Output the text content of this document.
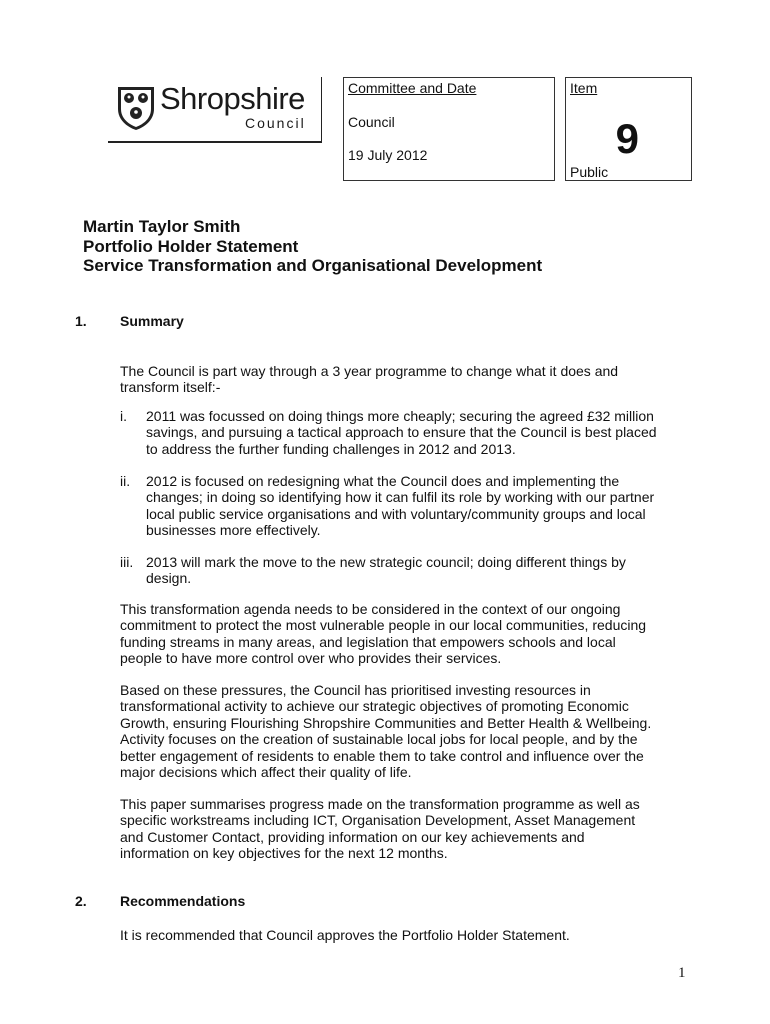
Shropshire
Council
Committee and Date
Council
19 July 2012
Item
9
Public
Martin Taylor Smith
Portfolio Holder Statement
Service Transformation and Organisational Development
1. Summary
The Council is part way through a 3 year programme to change what it does and
transform itself:-
i. 2011 was focussed on doing things more cheaply; securing the agreed £32 million
savings, and pursuing a tactical approach to ensure that the Council is best placed
to address the further funding challenges in 2012 and 2013.
ii. 2012 is focused on redesigning what the Council does and implementing the
changes; in doing so identifying how it can fulfil its role by working with our partner
local public service organisations and with voluntary/community groups and local
businesses more effectively.
iii. 2013 will mark the move to the new strategic council; doing different things by
design.
This transformation agenda needs to be considered in the context of our ongoing
commitment to protect the most vulnerable people in our local communities, reducing
funding streams in many areas, and legislation that empowers schools and local
people to have more control over who provides their services.
Based on these pressures, the Council has prioritised investing resources in
transformational activity to achieve our strategic objectives of promoting Economic
Growth, ensuring Flourishing Shropshire Communities and Better Health & Wellbeing.
Activity focuses on the creation of sustainable local jobs for local people, and by the
better engagement of residents to enable them to take control and influence over the
major decisions which affect their quality of life.
This paper summarises progress made on the transformation programme as well as
specific workstreams including ICT, Organisation Development, Asset Management
and Customer Contact, providing information on our key achievements and
information on key objectives for the next 12 months.
2. Recommendations
It is recommended that Council approves the Portfolio Holder Statement.
1
